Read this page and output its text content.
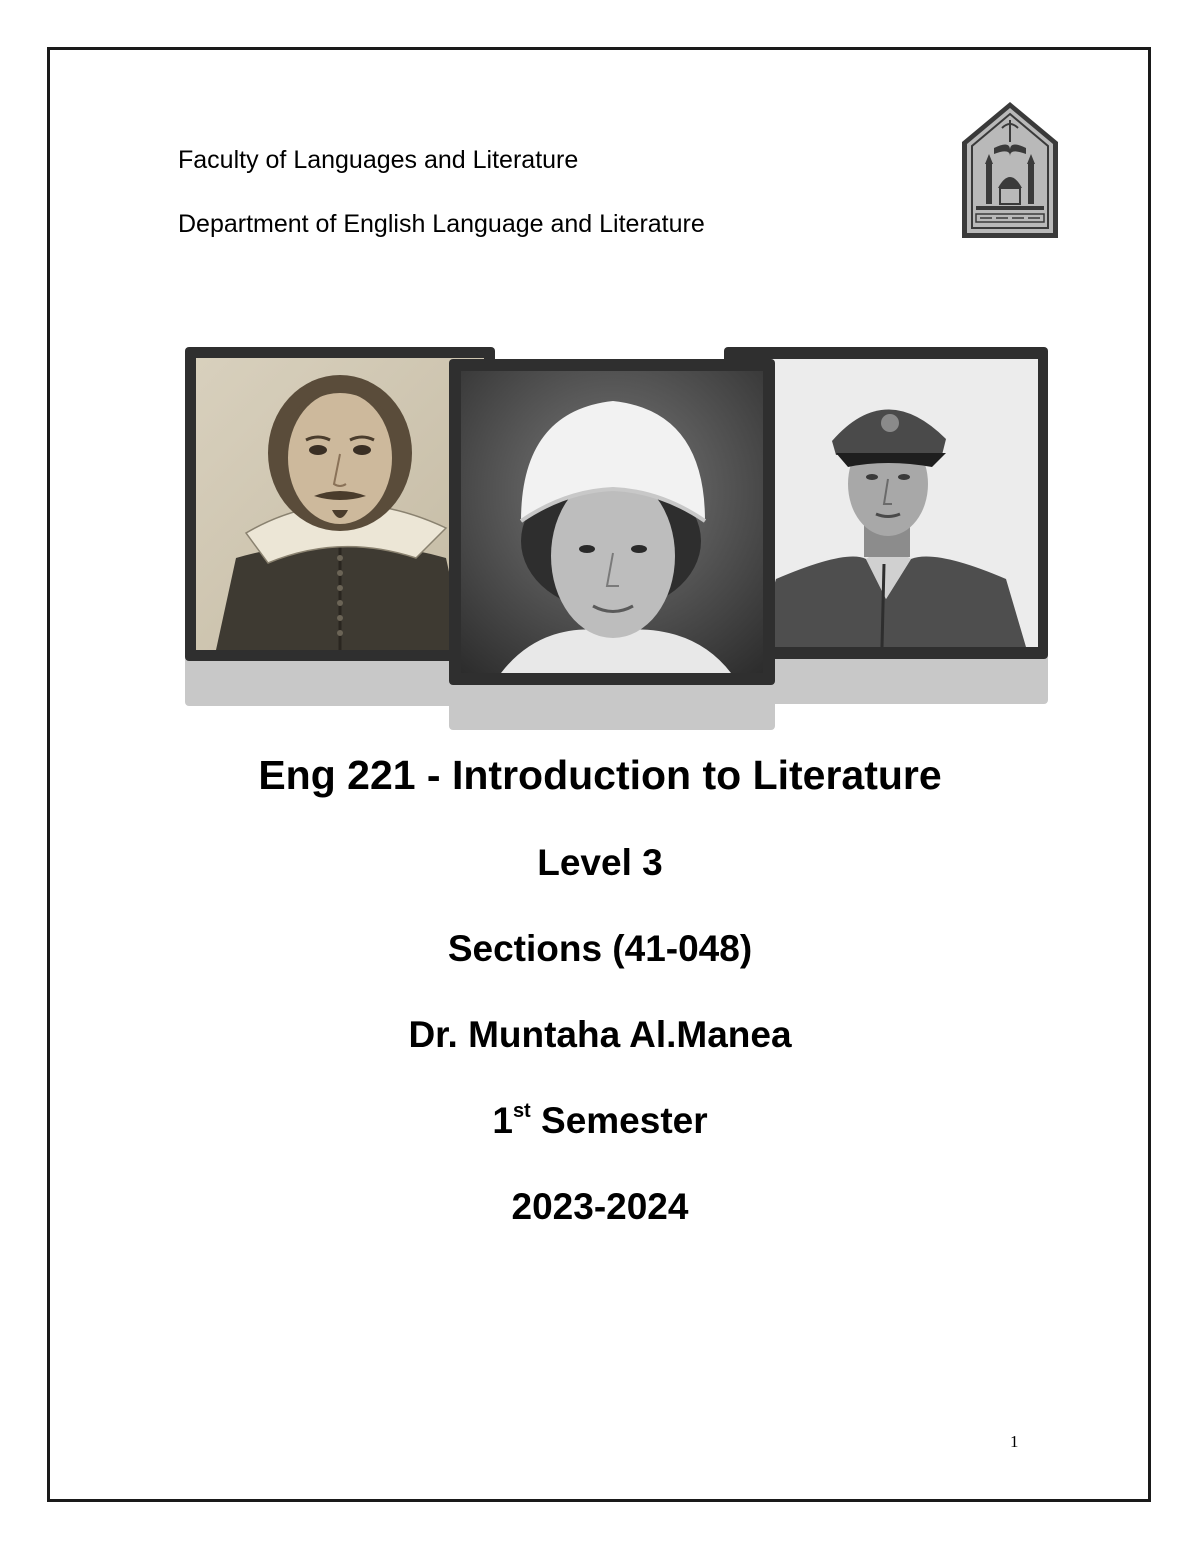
Faculty of Languages and Literature
Department of English Language and Literature
Eng 221 - Introduction to Literature
Level 3
Sections (41-048)
Dr. Muntaha Al.Manea
1st Semester
2023-2024
1
